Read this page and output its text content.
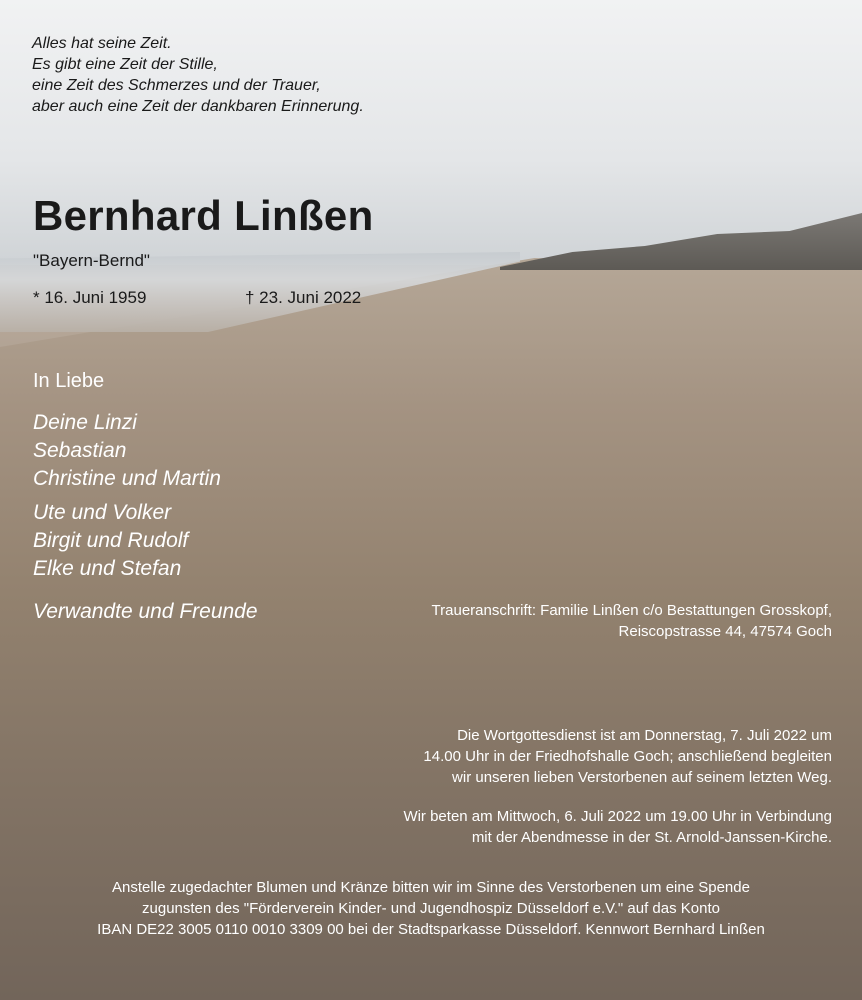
Alles hat seine Zeit.
Es gibt eine Zeit der Stille,
eine Zeit des Schmerzes und der Trauer,
aber auch eine Zeit der dankbaren Erinnerung.
Bernhard Linßen
"Bayern-Bernd"
* 16. Juni 1959	† 23. Juni 2022
In Liebe
Deine Linzi
Sebastian
Christine und Martin
Ute und Volker
Birgit und Rudolf
Elke und Stefan
Verwandte und Freunde	Traueranschrift: Familie Linßen c/o Bestattungen Grosskopf,
Reiscopstrasse 44, 47574 Goch
Die Wortgottesdienst ist am Donnerstag, 7. Juli 2022 um
14.00 Uhr in der Friedhofshalle Goch; anschließend begleiten
wir unseren lieben Verstorbenen auf seinem letzten Weg.
Wir beten am Mittwoch, 6. Juli 2022 um 19.00 Uhr in Verbindung
mit der Abendmesse in der St. Arnold-Janssen-Kirche.
Anstelle zugedachter Blumen und Kränze bitten wir im Sinne des Verstorbenen um eine Spende
zugunsten des "Förderverein Kinder- und Jugendhospiz Düsseldorf e.V." auf das Konto
IBAN DE22 3005 0110 0010 3309 00 bei der Stadtsparkasse Düsseldorf. Kennwort Bernhard Linßen
